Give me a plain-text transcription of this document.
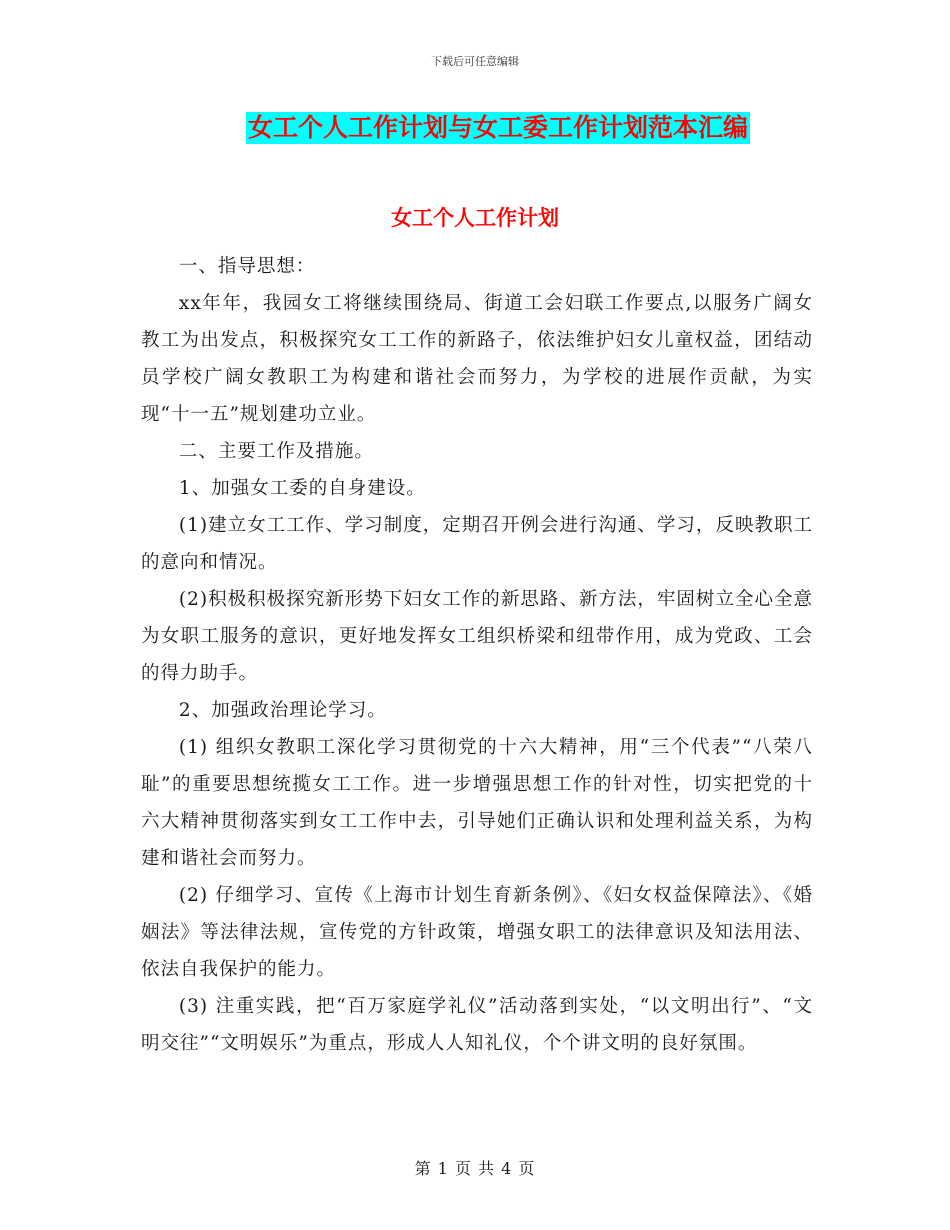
下载后可任意编辑
女工个人工作计划与女工委工作计划范本汇编
女工个人工作计划

一、指导思想：

xx年年，我园女工将继续围绕局、街道工会妇联工作要点,以服务广阔女教工为出发点，积极探究女工工作的新路子，依法维护妇女儿童权益，团结动员学校广阔女教职工为构建和谐社会而努力，为学校的进展作贡献，为实现“十一五”规划建功立业。

二、主要工作及措施。

1、加强女工委的自身建设。

(1)建立女工工作、学习制度，定期召开例会进行沟通、学习，反映教职工的意向和情况。

(2)积极积极探究新形势下妇女工作的新思路、新方法，牢固树立全心全意为女职工服务的意识，更好地发挥女工组织桥梁和纽带作用，成为党政、工会的得力助手。

2、加强政治理论学习。

(1) 组织女教职工深化学习贯彻党的十六大精神，用“三个代表”“八荣八耻”的重要思想统揽女工工作。进一步增强思想工作的针对性，切实把党的十六大精神贯彻落实到女工工作中去，引导她们正确认识和处理利益关系，为构建和谐社会而努力。

(2) 仔细学习、宣传《上海市计划生育新条例》、《妇女权益保障法》、《婚姻法》等法律法规，宣传党的方针政策，增强女职工的法律意识及知法用法、依法自我保护的能力。

(3) 注重实践，把“百万家庭学礼仪”活动落到实处，“以文明出行”、“文明交往”“文明娱乐”为重点，形成人人知礼仪，个个讲文明的良好氛围。

第 1 页 共 4 页
